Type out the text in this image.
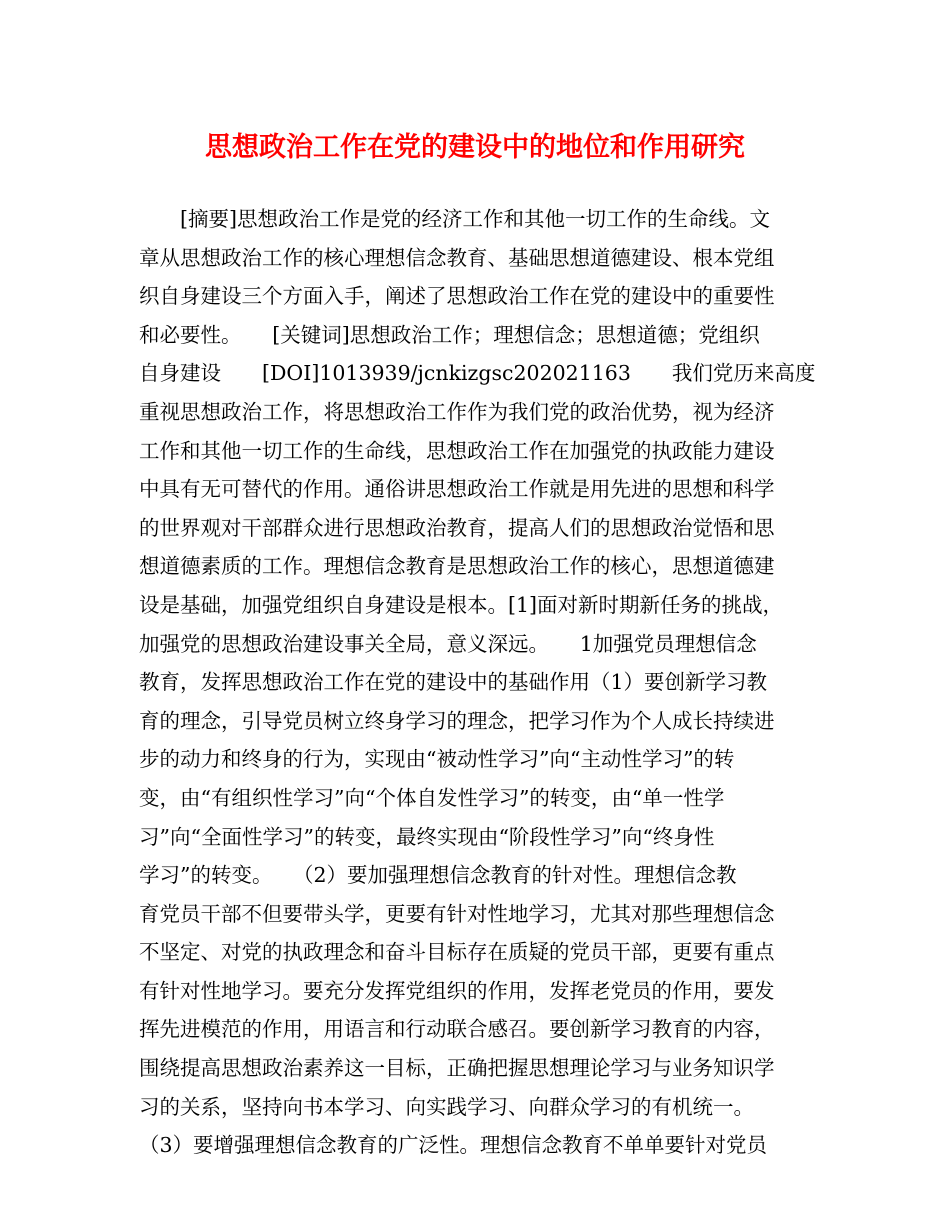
思想政治工作在党的建设中的地位和作用研究
　　[摘要]思想政治工作是党的经济工作和其他一切工作的生命线。文
章从思想政治工作的核心理想信念教育、基础思想道德建设、根本党组
织自身建设三个方面入手，阐述了思想政治工作在党的建设中的重要性
和必要性。　　[关键词]思想政治工作；理想信念；思想道德；党组织
自身建设　　[DOI]1013939/jcnkizgsc202021163　　我们党历来高度
重视思想政治工作，将思想政治工作作为我们党的政治优势，视为经济
工作和其他一切工作的生命线，思想政治工作在加强党的执政能力建设
中具有无可替代的作用。通俗讲思想政治工作就是用先进的思想和科学
的世界观对干部群众进行思想政治教育，提高人们的思想政治觉悟和思
想道德素质的工作。理想信念教育是思想政治工作的核心，思想道德建
设是基础，加强党组织自身建设是根本。[1]面对新时期新任务的挑战，
加强党的思想政治建设事关全局，意义深远。　　1加强党员理想信念
教育，发挥思想政治工作在党的建设中的基础作用（1）要创新学习教
育的理念，引导党员树立终身学习的理念，把学习作为个人成长持续进
步的动力和终身的行为，实现由“被动性学习”向“主动性学习”的转
变，由“有组织性学习”向“个体自发性学习”的转变，由“单一性学
习”向“全面性学习”的转变，最终实现由“阶段性学习”向“终身性
学习”的转变。　　（2）要加强理想信念教育的针对性。理想信念教
育党员干部不但要带头学，更要有针对性地学习，尤其对那些理想信念
不坚定、对党的执政理念和奋斗目标存在质疑的党员干部，更要有重点
有针对性地学习。要充分发挥党组织的作用，发挥老党员的作用，要发
挥先进模范的作用，用语言和行动联合感召。要创新学习教育的内容，
围绕提高思想政治素养这一目标，正确把握思想理论学习与业务知识学
习的关系，坚持向书本学习、向实践学习、向群众学习的有机统一。
（3）要增强理想信念教育的广泛性。理想信念教育不单单要针对党员
